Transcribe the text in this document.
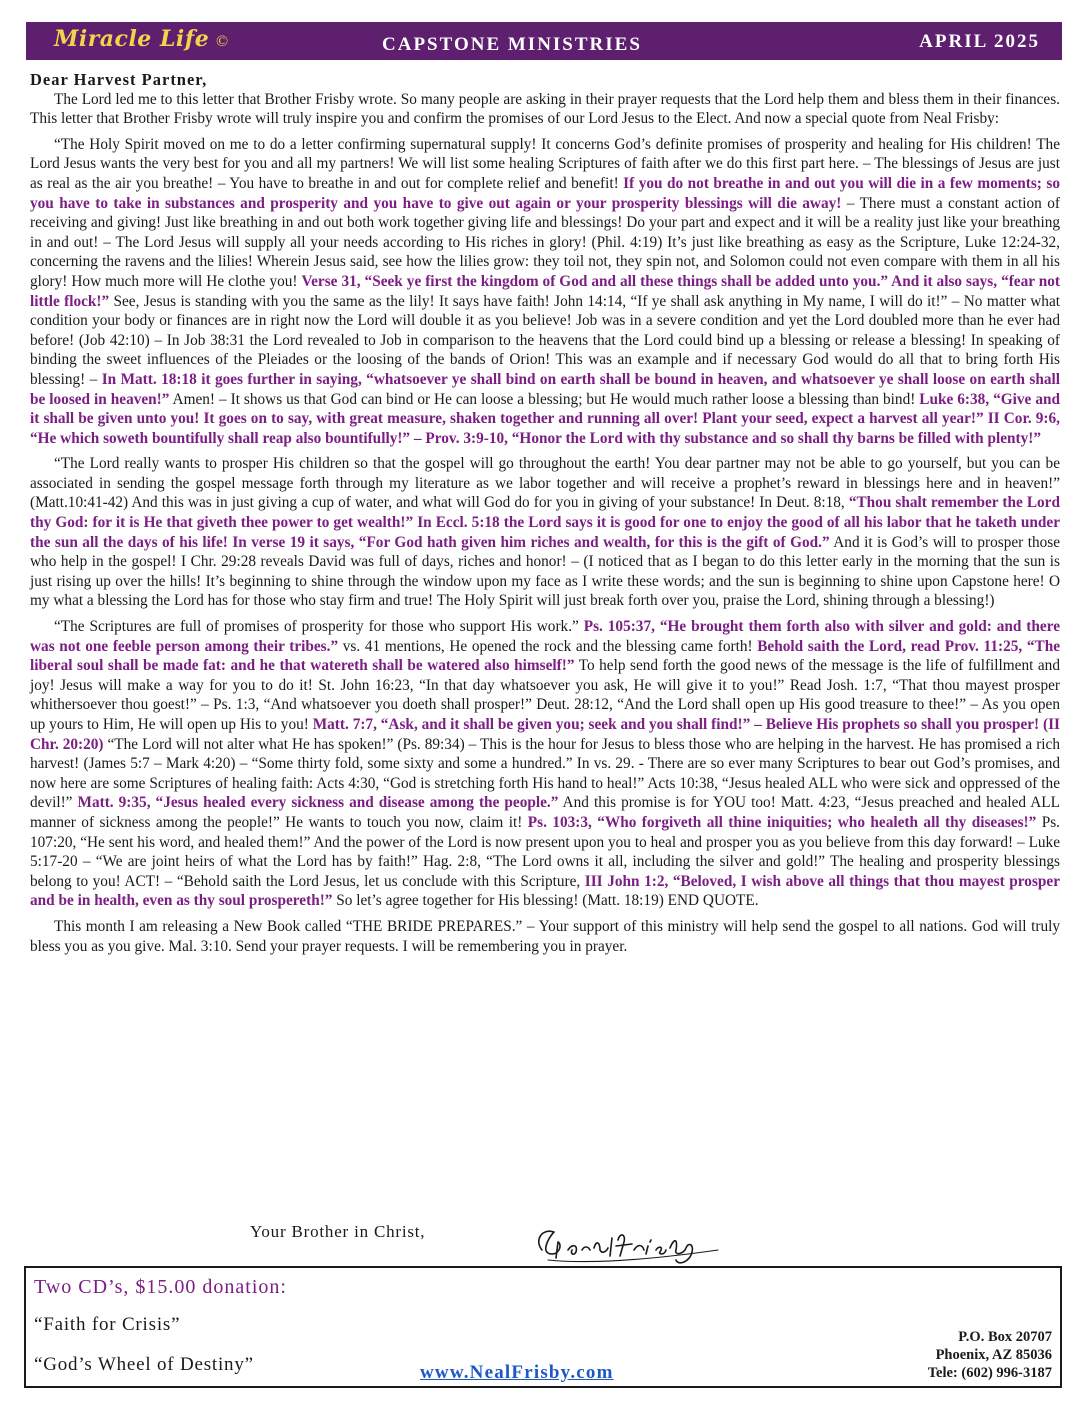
Miracle Life ©	CAPSTONE MINISTRIES	APRIL 2025
Dear Harvest Partner,

The Lord led me to this letter that Brother Frisby wrote. So many people are asking in their prayer requests that the Lord help them and bless them in their finances. This letter that Brother Frisby wrote will truly inspire you and confirm the promises of our Lord Jesus to the Elect. And now a special quote from Neal Frisby:

“The Holy Spirit moved on me to do a letter confirming supernatural supply! It concerns God’s definite promises of prosperity and healing for His children! The Lord Jesus wants the very best for you and all my partners! We will list some healing Scriptures of faith after we do this first part here. – The blessings of Jesus are just as real as the air you breathe! – You have to breathe in and out for complete relief and benefit! If you do not breathe in and out you will die in a few moments; so you have to take in substances and prosperity and you have to give out again or your prosperity blessings will die away! – There must a constant action of receiving and giving! Just like breathing in and out both work together giving life and blessings! Do your part and expect and it will be a reality just like your breathing in and out! – The Lord Jesus will supply all your needs according to His riches in glory! (Phil. 4:19) It’s just like breathing as easy as the Scripture, Luke 12:24-32, concerning the ravens and the lilies! Wherein Jesus said, see how the lilies grow: they toil not, they spin not, and Solomon could not even compare with them in all his glory! How much more will He clothe you! Verse 31, “Seek ye first the kingdom of God and all these things shall be added unto you.” And it also says, “fear not little flock!” See, Jesus is standing with you the same as the lily! It says have faith! John 14:14, “If ye shall ask anything in My name, I will do it!” – No matter what condition your body or finances are in right now the Lord will double it as you believe! Job was in a severe condition and yet the Lord doubled more than he ever had before! (Job 42:10) – In Job 38:31 the Lord revealed to Job in comparison to the heavens that the Lord could bind up a blessing or release a blessing! In speaking of binding the sweet influences of the Pleiades or the loosing of the bands of Orion! This was an example and if necessary God would do all that to bring forth His blessing! – In Matt. 18:18 it goes further in saying, “whatsoever ye shall bind on earth shall be bound in heaven, and whatsoever ye shall loose on earth shall be loosed in heaven!” Amen! – It shows us that God can bind or He can loose a blessing; but He would much rather loose a blessing than bind! Luke 6:38, “Give and it shall be given unto you! It goes on to say, with great measure, shaken together and running all over! Plant your seed, expect a harvest all year!” II Cor. 9:6, “He which soweth bountifully shall reap also bountifully!” – Prov. 3:9-10, “Honor the Lord with thy substance and so shall thy barns be filled with plenty!”

“The Lord really wants to prosper His children so that the gospel will go throughout the earth! You dear partner may not be able to go yourself, but you can be associated in sending the gospel message forth through my literature as we labor together and will receive a prophet’s reward in blessings here and in heaven!” (Matt.10:41-42) And this was in just giving a cup of water, and what will God do for you in giving of your substance! In Deut. 8:18, “Thou shalt remember the Lord thy God: for it is He that giveth thee power to get wealth!” In Eccl. 5:18 the Lord says it is good for one to enjoy the good of all his labor that he taketh under the sun all the days of his life! In verse 19 it says, “For God hath given him riches and wealth, for this is the gift of God.” And it is God’s will to prosper those who help in the gospel! I Chr. 29:28 reveals David was full of days, riches and honor! – (I noticed that as I began to do this letter early in the morning that the sun is just rising up over the hills! It’s beginning to shine through the window upon my face as I write these words; and the sun is beginning to shine upon Capstone here! O my what a blessing the Lord has for those who stay firm and true! The Holy Spirit will just break forth over you, praise the Lord, shining through a blessing!)

“The Scriptures are full of promises of prosperity for those who support His work.” Ps. 105:37, “He brought them forth also with silver and gold: and there was not one feeble person among their tribes.” vs. 41 mentions, He opened the rock and the blessing came forth! Behold saith the Lord, read Prov. 11:25, “The liberal soul shall be made fat: and he that watereth shall be watered also himself!” To help send forth the good news of the message is the life of fulfillment and joy! Jesus will make a way for you to do it! St. John 16:23, “In that day whatsoever you ask, He will give it to you!” Read Josh. 1:7, “That thou mayest prosper whithersoever thou goest!” – Ps. 1:3, “And whatsoever you doeth shall prosper!” Deut. 28:12, “And the Lord shall open up His good treasure to thee!” – As you open up yours to Him, He will open up His to you! Matt. 7:7, “Ask, and it shall be given you; seek and you shall find!” – Believe His prophets so shall you prosper! (II Chr. 20:20) “The Lord will not alter what He has spoken!” (Ps. 89:34) – This is the hour for Jesus to bless those who are helping in the harvest. He has promised a rich harvest! (James 5:7 – Mark 4:20) – “Some thirty fold, some sixty and some a hundred.” In vs. 29. - There are so ever many Scriptures to bear out God’s promises, and now here are some Scriptures of healing faith: Acts 4:30, “God is stretching forth His hand to heal!” Acts 10:38, “Jesus healed ALL who were sick and oppressed of the devil!” Matt. 9:35, “Jesus healed every sickness and disease among the people.” And this promise is for YOU too! Matt. 4:23, “Jesus preached and healed ALL manner of sickness among the people!” He wants to touch you now, claim it! Ps. 103:3, “Who forgiveth all thine iniquities; who healeth all thy diseases!” Ps. 107:20, “He sent his word, and healed them!” And the power of the Lord is now present upon you to heal and prosper you as you believe from this day forward! – Luke 5:17-20 – “We are joint heirs of what the Lord has by faith!” Hag. 2:8, “The Lord owns it all, including the silver and gold!” The healing and prosperity blessings belong to you! ACT! – “Behold saith the Lord Jesus, let us conclude with this Scripture, III John 1:2, “Beloved, I wish above all things that thou mayest prosper and be in health, even as thy soul prospereth!” So let’s agree together for His blessing! (Matt. 18:19) END QUOTE.

This month I am releasing a New Book called “THE BRIDE PREPARES.” – Your support of this ministry will help send the gospel to all nations. God will truly bless you as you give. Mal. 3:10. Send your prayer requests. I will be remembering you in prayer.

Your Brother in Christ,
Two CD’s, $15.00 donation:
“Faith for Crisis”
“God’s Wheel of Destiny”	www.NealFrisby.com
P.O. Box 20707
Phoenix, AZ 85036
Tele: (602) 996-3187
